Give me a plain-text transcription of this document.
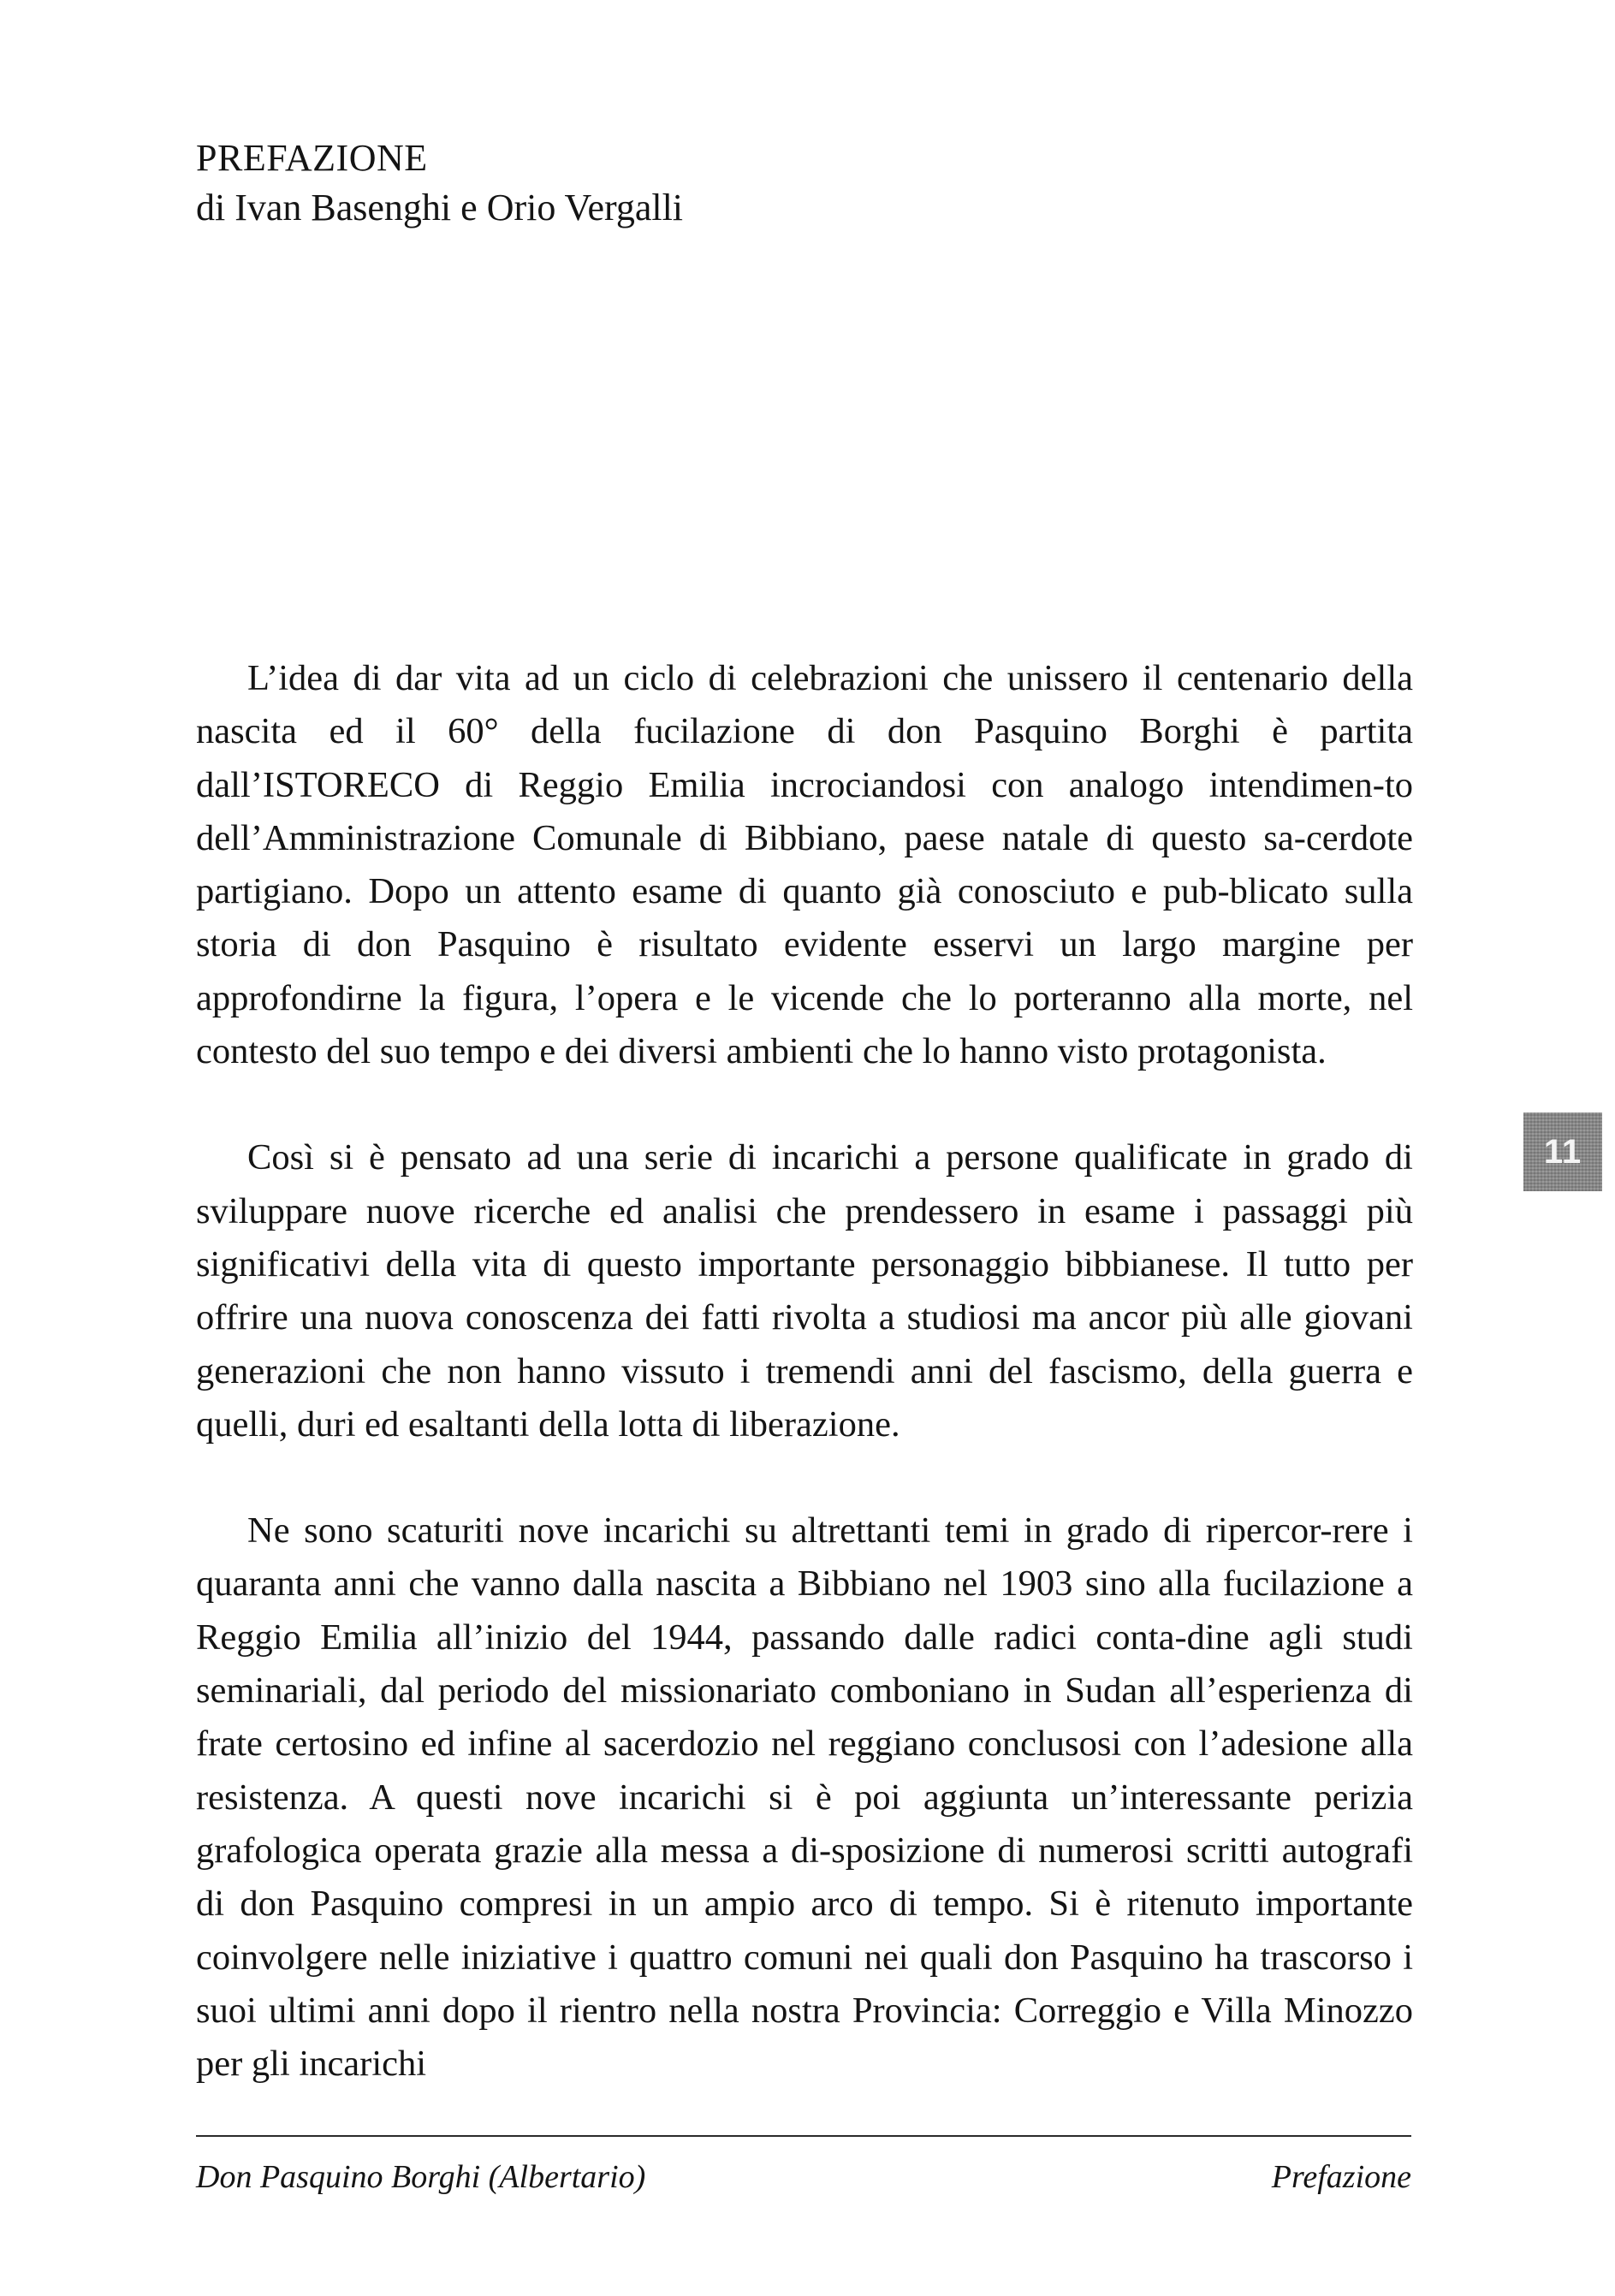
PREFAZIONE
di Ivan Basenghi e Orio Vergalli

L’idea di dar vita ad un ciclo di celebrazioni che unissero il centenario della nascita ed il 60° della fucilazione di don Pasquino Borghi è partita dall’ISTORECO di Reggio Emilia incrociandosi con analogo intendimen-to dell’Amministrazione Comunale di Bibbiano, paese natale di questo sa-cerdote partigiano. Dopo un attento esame di quanto già conosciuto e pub-blicato sulla storia di don Pasquino è risultato evidente esservi un largo margine per approfondirne la figura, l’opera e le vicende che lo porteranno alla morte, nel contesto del suo tempo e dei diversi ambienti che lo hanno visto protagonista.

Così si è pensato ad una serie di incarichi a persone qualificate in grado di sviluppare nuove ricerche ed analisi che prendessero in esame i passaggi più significativi della vita di questo importante personaggio bibbianese. Il tutto per offrire una nuova conoscenza dei fatti rivolta a studiosi ma ancor più alle giovani generazioni che non hanno vissuto i tremendi anni del fascismo, della guerra e quelli, duri ed esaltanti della lotta di liberazione.

Ne sono scaturiti nove incarichi su altrettanti temi in grado di ripercor-rere i quaranta anni che vanno dalla nascita a Bibbiano nel 1903 sino alla fucilazione a Reggio Emilia all’inizio del 1944, passando dalle radici conta-dine agli studi seminariali, dal periodo del missionariato comboniano in Sudan all’esperienza di frate certosino ed infine al sacerdozio nel reggiano conclusosi con l’adesione alla resistenza. A questi nove incarichi si è poi aggiunta un’interessante perizia grafologica operata grazie alla messa a di-sposizione di numerosi scritti autografi di don Pasquino compresi in un ampio arco di tempo. Si è ritenuto importante coinvolgere nelle iniziative i quattro comuni nei quali don Pasquino ha trascorso i suoi ultimi anni dopo il rientro nella nostra Provincia: Correggio e Villa Minozzo per gli incarichi

11
Don Pasquino Borghi (Albertario)	Prefazione
